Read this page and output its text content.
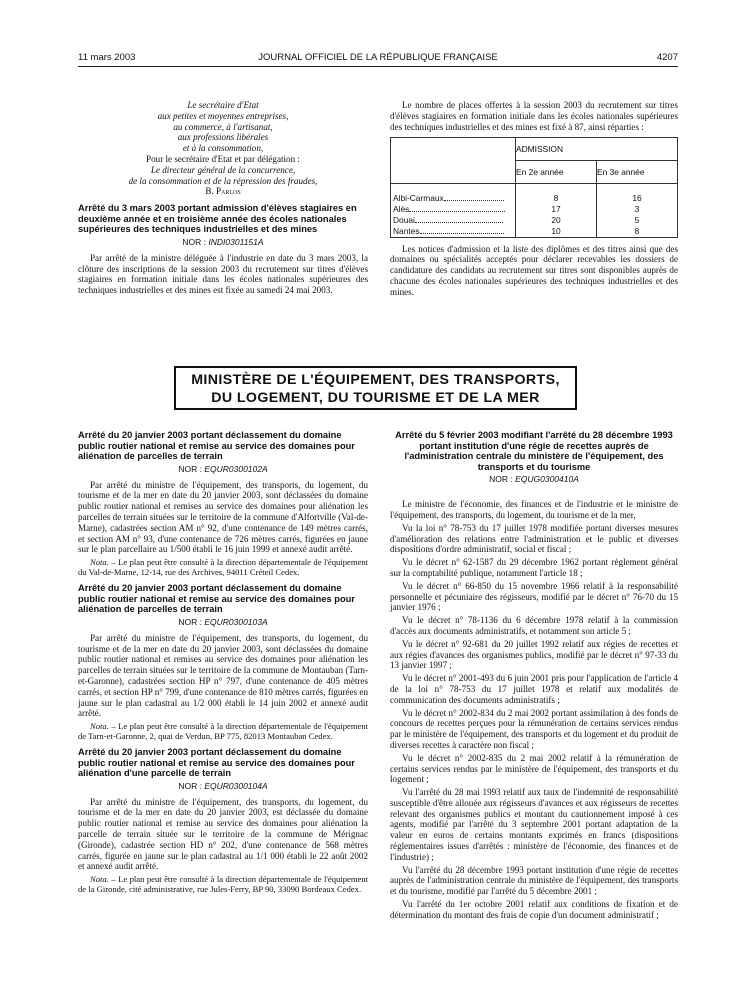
11 mars 2003	JOURNAL OFFICIEL DE LA RÉPUBLIQUE FRANÇAISE	4207
Le secrétaire d'Etat
aux petites et moyennes entreprises,
au commerce, à l'artisanat,
aux professions libérales
et à la consommation,
Pour le secrétaire d'Etat et par délégation :
Le directeur général de la concurrence,
de la consommation et de la répression des fraudes,
B. Parlos
Arrêté du 3 mars 2003 portant admission d'élèves stagiaires en deuxième année et en troisième année des écoles nationales supérieures des techniques industrielles et des mines
NOR : INDI0301151A

Par arrêté de la ministre déléguée à l'industrie en date du 3 mars 2003, la clôture des inscriptions de la session 2003 du recrutement sur titres d'élèves stagiaires en formation initiale dans les écoles nationales supérieures des techniques industrielles et des mines est fixée au samedi 24 mai 2003.

Le nombre de places offertes à la session 2003 du recrutement sur titres d'élèves stagiaires en formation initiale dans les écoles nationales supérieures des techniques industrielles et des mines est fixé à 87, ainsi réparties :

	ADMISSION	
	En 2e année	En 3e année
Albi-Carmaux	8	16
Alès	17	3
Douai	20	5
Nantes	10	8

Les notices d'admission et la liste des diplômes et des titres ainsi que des domaines ou spécialités acceptés pour déclarer recevables les dossiers de candidature des candidats au recrutement sur titres sont disponibles auprès de chacune des écoles nationales supérieures des techniques industrielles et des mines.

MINISTÈRE DE L'ÉQUIPEMENT, DES TRANSPORTS,
DU LOGEMENT, DU TOURISME ET DE LA MER
Arrêté du 20 janvier 2003 portant déclassement du domaine public routier national et remise au service des domaines pour aliénation de parcelles de terrain
NOR : EQUR0300102A

Par arrêté du ministre de l'équipement, des transports, du logement, du tourisme et de la mer en date du 20 janvier 2003, sont déclassées du domaine public routier national et remises au service des domaines pour aliénation les parcelles de terrain situées sur le territoire de la commune d'Alfortville (Val-de-Marne), cadastrées section AM n° 92, d'une contenance de 149 mètres carrés, et section AM n° 93, d'une contenance de 726 mètres carrés, figurées en jaune sur le plan parcellaire au 1/500 établi le 16 juin 1999 et annexé audit arrêté.

Nota. – Le plan peut être consulté à la direction départementale de l'équipement du Val-de-Marne, 12-14, rue des Archives, 94011 Créteil Cedex.

Arrêté du 20 janvier 2003 portant déclassement du domaine public routier national et remise au service des domaines pour aliénation de parcelles de terrain
NOR : EQUR0300103A

Par arrêté du ministre de l'équipement, des transports, du logement, du tourisme et de la mer en date du 20 janvier 2003, sont déclassées du domaine public routier national et remises au service des domaines pour aliénation les parcelles de terrain situées sur le territoire de la commune de Montauban (Tarn-et-Garonne), cadastrées section HP n° 797, d'une contenance de 405 mètres carrés, et section HP n° 799, d'une contenance de 810 mètres carrés, figurées en jaune sur le plan cadastral au 1/2 000 établi le 14 juin 2002 et annexé audit arrêté.

Nota. – Le plan peut être consulté à la direction départementale de l'équipement de Tarn-et-Garonne, 2, quai de Verdun, BP 775, 82013 Montauban Cedex.

Arrêté du 20 janvier 2003 portant déclassement du domaine public routier national et remise au service des domaines pour aliénation d'une parcelle de terrain
NOR : EQUR0300104A

Par arrêté du ministre de l'équipement, des transports, du logement, du tourisme et de la mer en date du 20 janvier 2003, est déclassée du domaine public routier national et remise au service des domaines pour aliénation la parcelle de terrain située sur le territoire de la commune de Mérignac (Gironde), cadastrée section HD n° 202, d'une contenance de 568 mètres carrés, figurée en jaune sur le plan cadastral au 1/1 000 établi le 22 août 2002 et annexé audit arrêté.

Nota. – Le plan peut être consulté à la direction départementale de l'équipement de la Gironde, cité administrative, rue Jules-Ferry, BP 90, 33090 Bordeaux Cedex.

Arrêté du 5 février 2003 modifiant l'arrêté du 28 décembre 1993 portant institution d'une régie de recettes auprès de l'administration centrale du ministère de l'équipement, des transports et du tourisme
NOR : EQUG0300410A

Le ministre de l'économie, des finances et de l'industrie et le ministre de l'équipement, des transports, du logement, du tourisme et de la mer,

Vu la loi n° 78-753 du 17 juillet 1978 modifiée portant diverses mesures d'amélioration des relations entre l'administration et le public et diverses dispositions d'ordre administratif, social et fiscal ;

Vu le décret n° 62-1587 du 29 décembre 1962 portant règlement général sur la comptabilité publique, notamment l'article 18 ;

Vu le décret n° 66-850 du 15 novembre 1966 relatif à la responsabilité personnelle et pécuniaire des régisseurs, modifié par le décret n° 76-70 du 15 janvier 1976 ;

Vu le décret n° 78-1136 du 6 décembre 1978 relatif à la commission d'accès aux documents administratifs, et notamment son article 5 ;

Vu le décret n° 92-681 du 20 juillet 1992 relatif aux régies de recettes et aux régies d'avances des organismes publics, modifié par le décret n° 97-33 du 13 janvier 1997 ;

Vu le décret n° 2001-493 du 6 juin 2001 pris pour l'application de l'article 4 de la loi n° 78-753 du 17 juillet 1978 et relatif aux modalités de communication des documents administratifs ;

Vu le décret n° 2002-834 du 2 mai 2002 portant assimilation à des fonds de concours de recettes perçues pour la rémunération de certains services rendus par le ministère de l'équipement, des transports et du logement et du produit de diverses recettes à caractère non fiscal ;

Vu le décret n° 2002-835 du 2 mai 2002 relatif à la rémunération de certains services rendus par le ministère de l'équipement, des transports et du logement ;

Vu l'arrêté du 28 mai 1993 relatif aux taux de l'indemnité de responsabilité susceptible d'être allouée aux régisseurs d'avances et aux régisseurs de recettes relevant des organismes publics et montant du cautionnement imposé à ces agents, modifié par l'arrêté du 3 septembre 2001 portant adaptation de la valeur en euros de certains montants exprimés en francs (dispositions réglementaires issues d'arrêtés : ministère de l'économie, des finances et de l'industrie) ;

Vu l'arrêté du 28 décembre 1993 portant institution d'une régie de recettes auprès de l'administration centrale du ministère de l'équipement, des transports et du tourisme, modifié par l'arrêté du 5 décembre 2001 ;

Vu l'arrêté du 1er octobre 2001 relatif aux conditions de fixation et de détermination du montant des frais de copie d'un document administratif ;
